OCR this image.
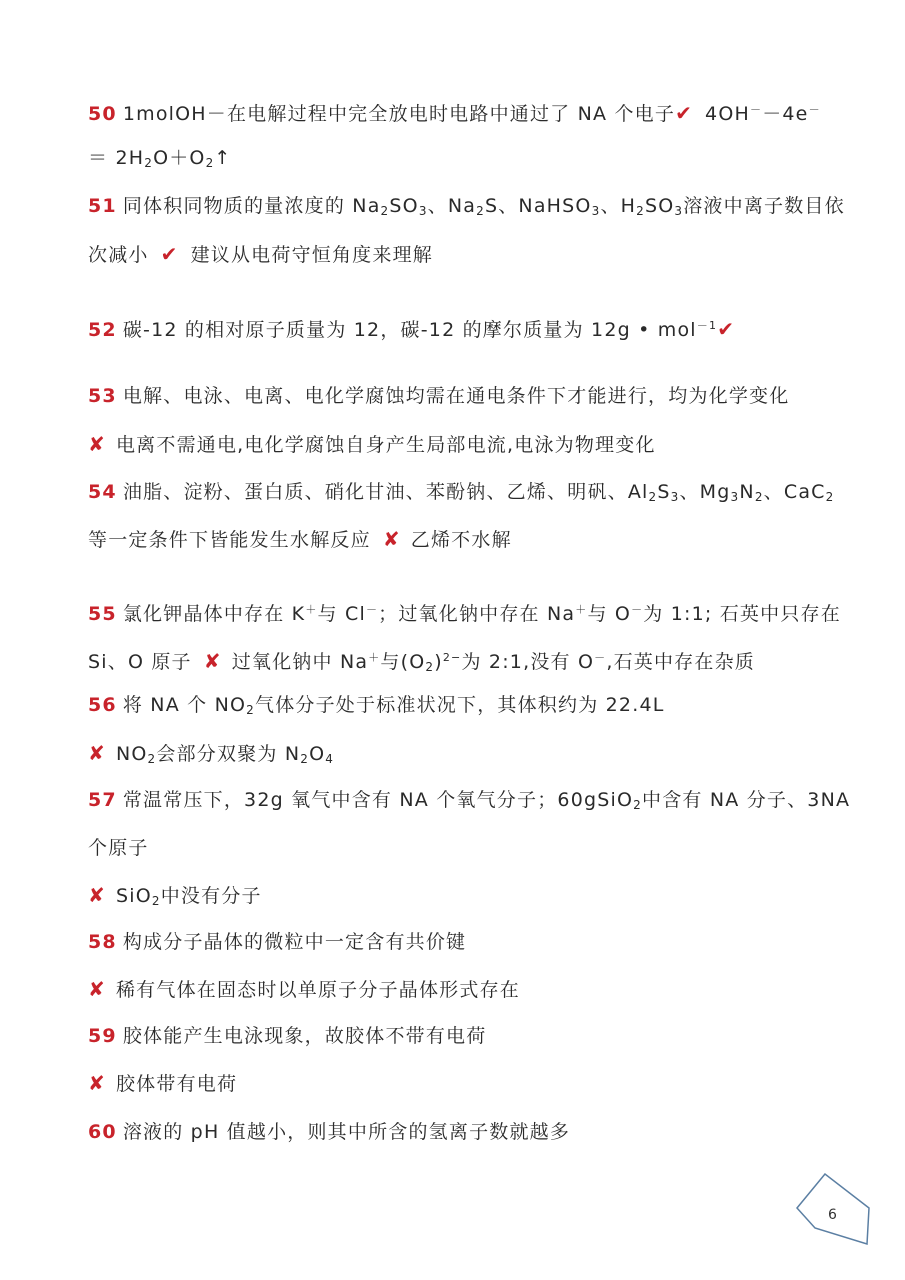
50 1molOH－在电解过程中完全放电时电路中通过了 NA 个电子✔ 4OH－－4e－
＝ $2H_2O+O_2↑$
51 同体积同物质的量浓度的 $Na_2SO_3$、$Na_2S$、NaHSO$_3$、$H_2SO_3$溶液中离子数目依
次减小 ✔ 建议从电荷守恒角度来理解
52 碳-12 的相对原子质量为 12，碳-12 的摩尔质量为 12g • mol$^{-1}$✔
53 电解、电泳、电离、电化学腐蚀均需在通电条件下才能进行，均为化学变化
✘ 电离不需通电,电化学腐蚀自身产生局部电流,电泳为物理变化
54 油脂、淀粉、蛋白质、硝化甘油、苯酚钠、乙烯、明矾、$Al_2S_3$、$Mg_3N_2$、CaC$_2$
等一定条件下皆能发生水解反应 ✘ 乙烯不水解
55 氯化钾晶体中存在 K＋与 Cl－；过氧化钠中存在 Na＋与 O－为 1:1; 石英中只存在
Si、O 原子 ✘ 过氧化钠中 Na＋与$(O_2)^{2-}$为 2:1,没有 O－,石英中存在杂质
56 将 NA 个 $NO_2$气体分子处于标准状况下，其体积约为 22.4L
✘ $NO_2$会部分双聚为 $N_2O_4$
57 常温常压下，32g 氧气中含有 NA 个氧气分子；60gSiO$_2$中含有 NA 分子、3NA
个原子
✘ SiO$_2$中没有分子
58 构成分子晶体的微粒中一定含有共价键
✘ 稀有气体在固态时以单原子分子晶体形式存在
59 胶体能产生电泳现象，故胶体不带有电荷
✘ 胶体带有电荷
60 溶液的 pH 值越小，则其中所含的氢离子数就越多
6
